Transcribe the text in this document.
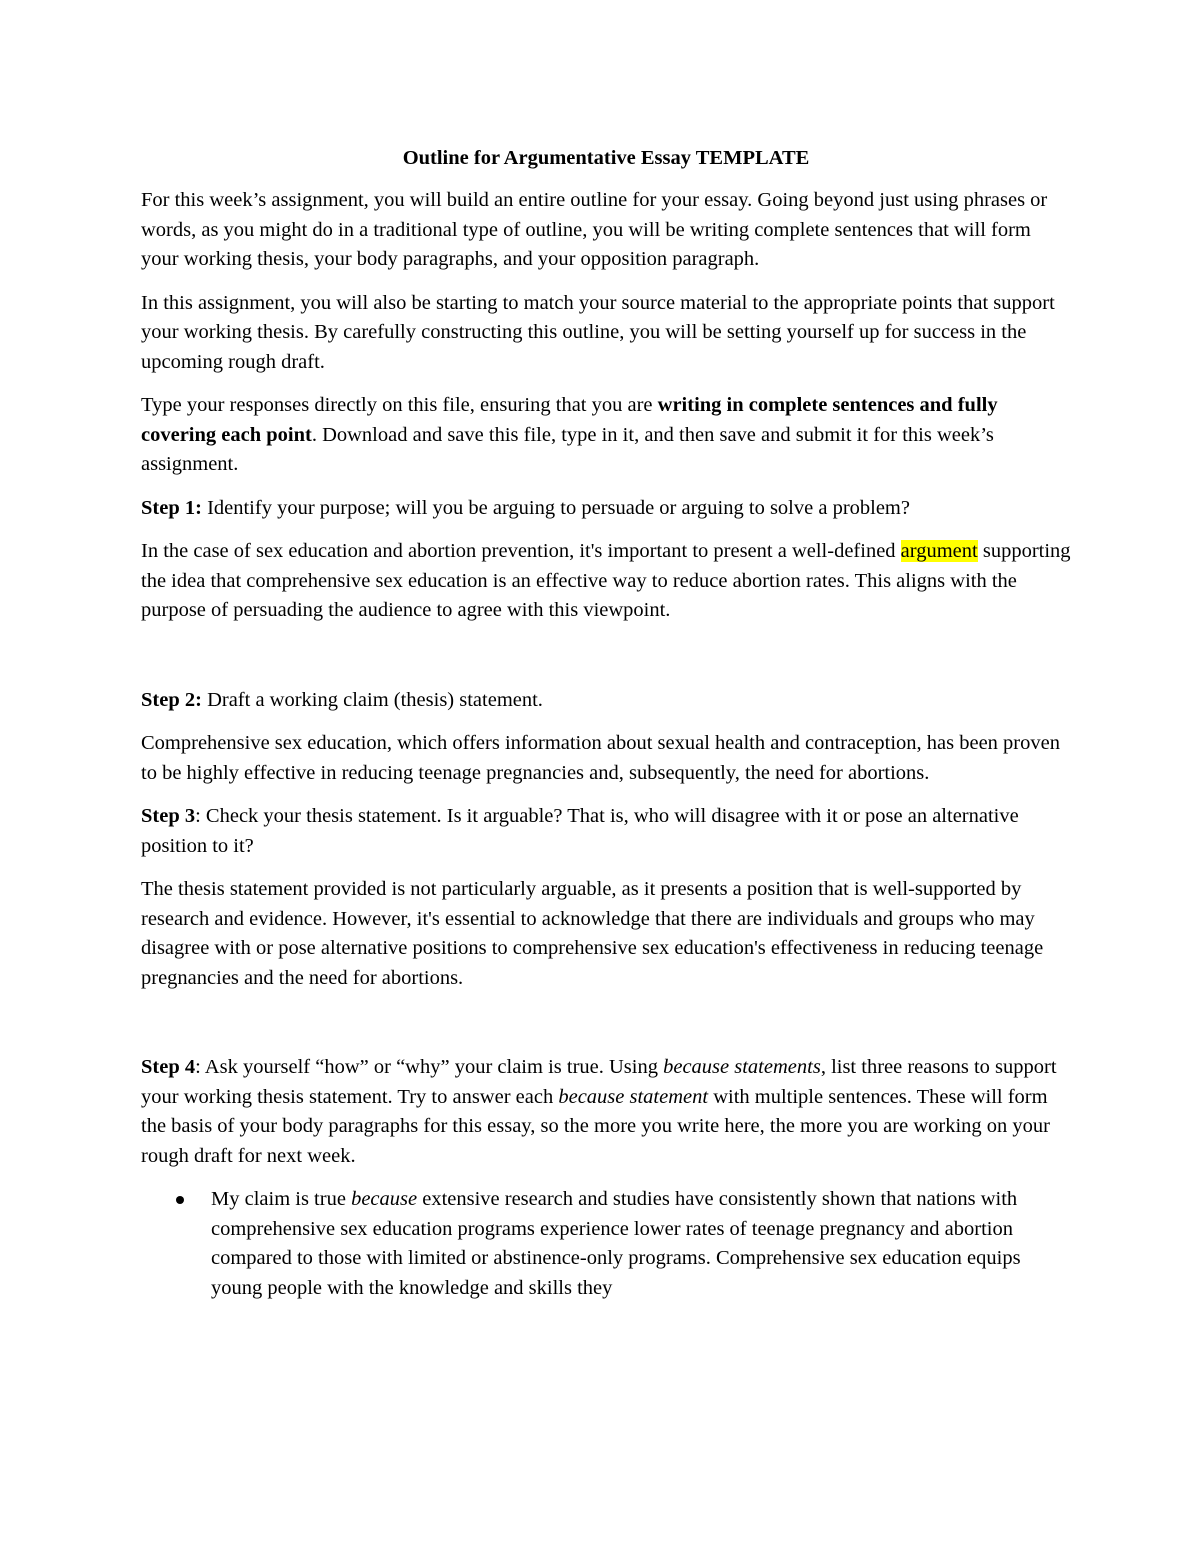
Outline for Argumentative Essay TEMPLATE

For this week’s assignment, you will build an entire outline for your essay. Going beyond just using phrases or words, as you might do in a traditional type of outline, you will be writing complete sentences that will form your working thesis, your body paragraphs, and your opposition paragraph.

In this assignment, you will also be starting to match your source material to the appropriate points that support your working thesis. By carefully constructing this outline, you will be setting yourself up for success in the upcoming rough draft.

Type your responses directly on this file, ensuring that you are writing in complete sentences and fully covering each point. Download and save this file, type in it, and then save and submit it for this week’s assignment.

Step 1: Identify your purpose; will you be arguing to persuade or arguing to solve a problem?

In the case of sex education and abortion prevention, it's important to present a well-defined argument supporting the idea that comprehensive sex education is an effective way to reduce abortion rates. This aligns with the purpose of persuading the audience to agree with this viewpoint.

Step 2: Draft a working claim (thesis) statement.

Comprehensive sex education, which offers information about sexual health and contraception, has been proven to be highly effective in reducing teenage pregnancies and, subsequently, the need for abortions.

Step 3: Check your thesis statement. Is it arguable? That is, who will disagree with it or pose an alternative position to it?

The thesis statement provided is not particularly arguable, as it presents a position that is well-supported by research and evidence. However, it's essential to acknowledge that there are individuals and groups who may disagree with or pose alternative positions to comprehensive sex education's effectiveness in reducing teenage pregnancies and the need for abortions.

Step 4: Ask yourself “how” or “why” your claim is true. Using because statements, list three reasons to support your working thesis statement. Try to answer each because statement with multiple sentences. These will form the basis of your body paragraphs for this essay, so the more you write here, the more you are working on your rough draft for next week.

My claim is true because extensive research and studies have consistently shown that nations with comprehensive sex education programs experience lower rates of teenage pregnancy and abortion compared to those with limited or abstinence-only programs. Comprehensive sex education equips young people with the knowledge and skills they
